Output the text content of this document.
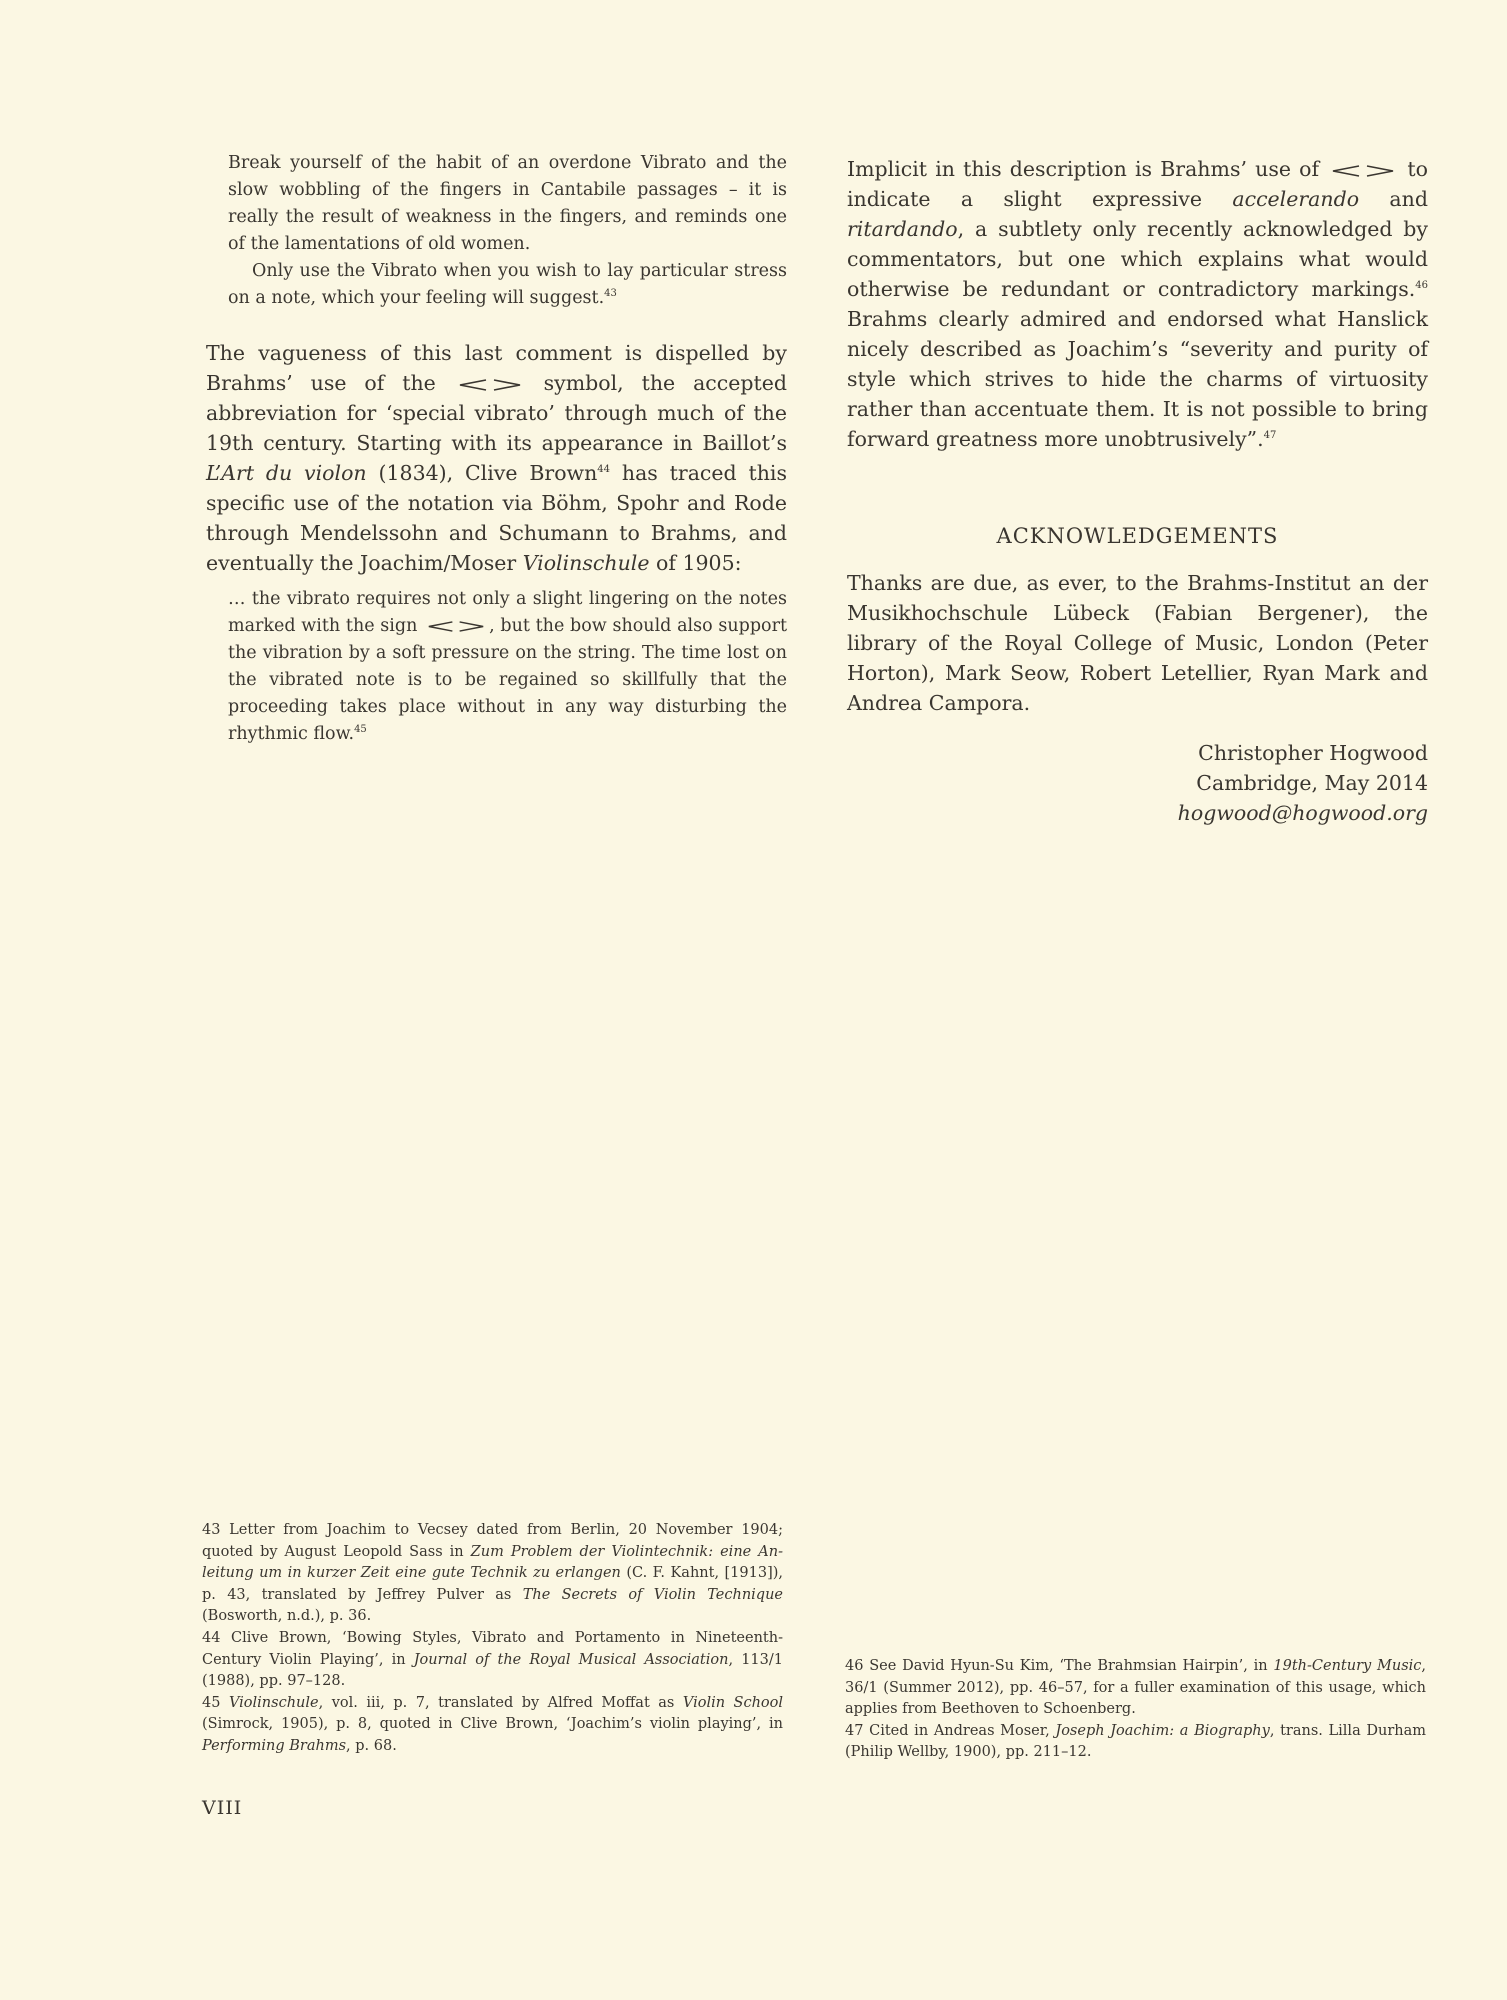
Break yourself of the habit of an overdone Vibrato and the slow wobbling of the fingers in Cantabile passages – it is really the result of weakness in the fingers, and reminds one of the lamentations of old women.

Only use the Vibrato when you wish to lay particular stress on a note, which your feeling will suggest.$^{43}$

The vagueness of this last comment is dispelled by Brahms’ use of the	symbol, the accepted abbreviation for ‘special vibrato’ through much of the 19th century. Starting with its appearance in Baillot’s L’Art du violon (1834), Clive Brown$^{44}$ has traced this specific use of the notation via Böhm, Spohr and Rode through Mendelssohn and Schumann to Brahms, and eventually the Joachim/Moser Violinschule of 1905:

… the vibrato requires not only a slight lingering on the notes marked with the sign	, but the bow should also support the vibration by a soft pressure on the string. The time lost on the vibrated note is to be regained so skillfully that the proceeding takes place without in any way disturbing the rhythmic flow.$^{45}$

Implicit in this description is Brahms’ use of	to indicate a slight expressive accelerando and ritardando, a subtlety only recently acknowledged by commentators, but one which explains what would otherwise be redundant or contradictory markings.$^{46}$ Brahms clearly admired and endorsed what Hanslick nicely described as Joachim’s “severity and purity of style which strives to hide the charms of virtuosity rather than accentuate them. It is not possible to bring forward greatness more unobtrusively”.$^{47}$

ACKNOWLEDGEMENTS

Thanks are due, as ever, to the Brahms-Institut an der Musikhochschule Lübeck (Fabian Bergener), the library of the Royal College of Music, London (Peter Horton), Mark Seow, Robert Letellier, Ryan Mark and Andrea Campora.

Christopher Hogwood
Cambridge, May 2014
hogwood@hogwood.org

43 Letter from Joachim to Vecsey dated from Berlin, 20 November 1904; quoted by August Leopold Sass in Zum Problem der Violintechnik: eine Anleitung um in kurzer Zeit eine gute Technik zu erlangen (C. F. Kahnt, [1913]), p. 43, translated by Jeffrey Pulver as The Secrets of Violin Technique (Bosworth, n.d.), p. 36.

44 Clive Brown, ‘Bowing Styles, Vibrato and Portamento in Nineteenth-Century Violin Playing’, in Journal of the Royal Musical Association, 113/1 (1988), pp. 97–128.

45 Violinschule, vol. iii, p. 7, translated by Alfred Moffat as Violin School (Simrock, 1905), p. 8, quoted in Clive Brown, ‘Joachim’s violin playing’, in Performing Brahms, p. 68.

46 See David Hyun-Su Kim, ‘The Brahmsian Hairpin’, in 19th-Century Music, 36/1 (Summer 2012), pp. 46–57, for a fuller examination of this usage, which applies from Beethoven to Schoenberg.

47 Cited in Andreas Moser, Joseph Joachim: a Biography, trans. Lilla Durham (Philip Wellby, 1900), pp. 211–12.

VIII
